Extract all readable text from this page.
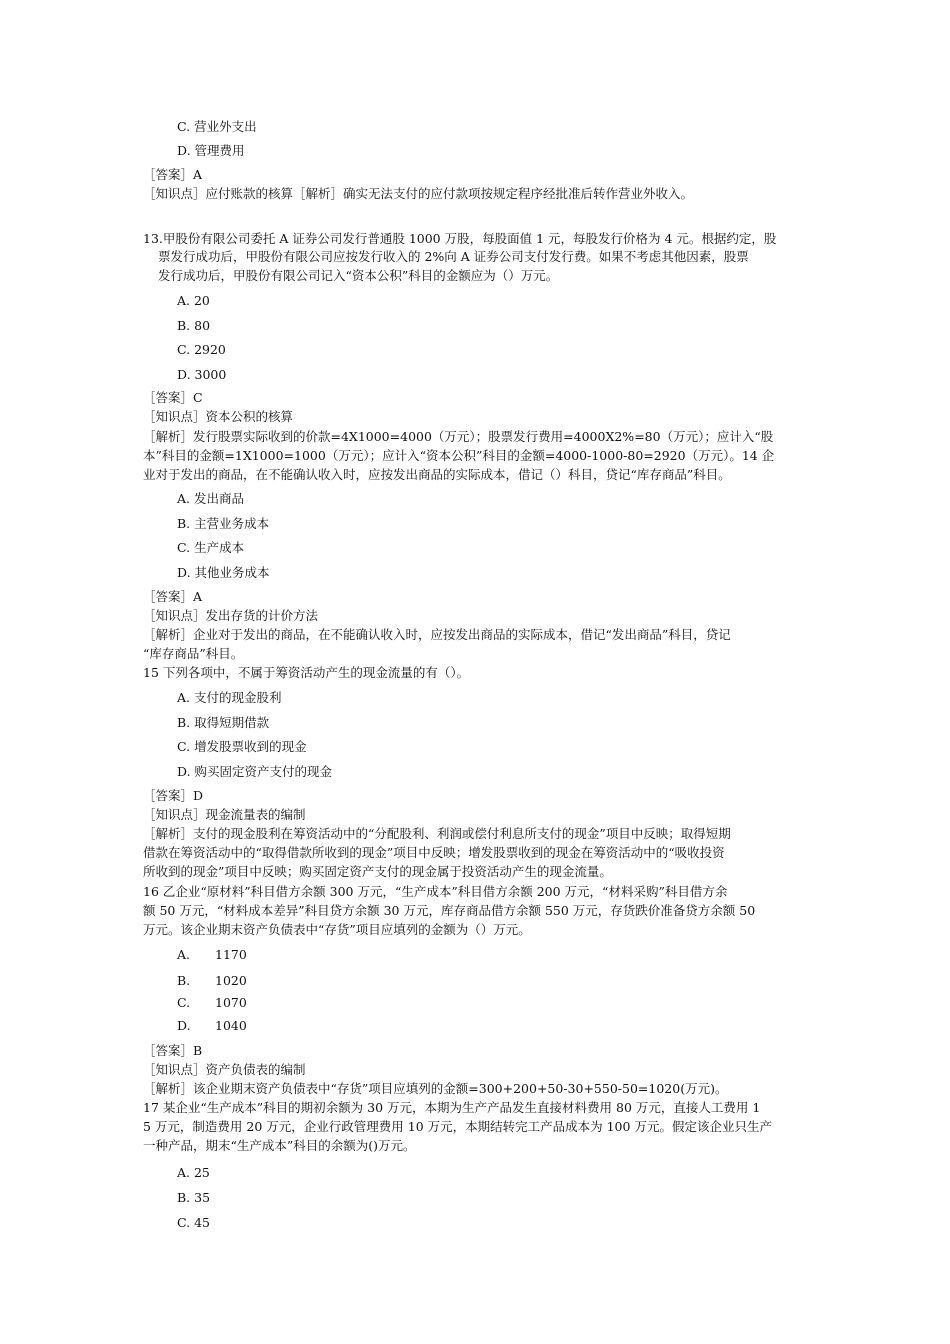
C. 营业外支出
D. 管理费用
［答案］A
［知识点］应付账款的核算［解析］确实无法支付的应付款项按规定程序经批准后转作营业外收入。
13.甲股份有限公司委托 A 证券公司发行普通股 1000 万股，每股面值 1 元，每股发行价格为 4 元。根据约定，股
票发行成功后，甲股份有限公司应按发行收入的 2%向 A 证券公司支付发行费。如果不考虑其他因素，股票
发行成功后，甲股份有限公司记入“资本公积”科目的金额应为（）万元。
A. 20
B. 80
C. 2920
D. 3000
［答案］C
［知识点］资本公积的核算
［解析］发行股票实际收到的价款=4X1000=4000（万元）；股票发行费用=4000X2%=80（万元）；应计入“股
本”科目的金额=1X1000=1000（万元）；应计入“资本公积”科目的金额=4000-1000-80=2920（万元）。14 企
业对于发出的商品，在不能确认收入时，应按发出商品的实际成本，借记（）科目，贷记“库存商品”科目。
A. 发出商品
B. 主营业务成本
C. 生产成本
D. 其他业务成本
［答案］A
［知识点］发出存货的计价方法
［解析］企业对于发出的商品，在不能确认收入时，应按发出商品的实际成本，借记“发出商品”科目，贷记
“库存商品”科目。
15 下列各项中，不属于筹资活动产生的现金流量的有（）。
A. 支付的现金股利
B. 取得短期借款
C. 增发股票收到的现金
D. 购买固定资产支付的现金
［答案］D
［知识点］现金流量表的编制
［解析］支付的现金股利在筹资活动中的“分配股利、利润或偿付利息所支付的现金”项目中反映；取得短期
借款在筹资活动中的“取得借款所收到的现金”项目中反映；增发股票收到的现金在筹资活动中的“吸收投资
所收到的现金”项目中反映；购买固定资产支付的现金属于投资活动产生的现金流量。
16 乙企业“原材料”科目借方余额 300 万元，“生产成本”科目借方余额 200 万元，“材料采购”科目借方余
额 50 万元，“材料成本差异”科目贷方余额 30 万元，库存商品借方余额 550 万元，存货跌价准备贷方余额 50
万元。该企业期末资产负债表中“存货”项目应填列的金额为（）万元。
A. 1170
B. 1020
C. 1070
D. 1040
［答案］B
［知识点］资产负债表的编制
［解析］该企业期末资产负债表中“存货”项目应填列的金额=300+200+50-30+550-50=1020(万元)。
17 某企业“生产成本”科目的期初余额为 30 万元，本期为生产产品发生直接材料费用 80 万元，直接人工费用 1
5 万元，制造费用 20 万元，企业行政管理费用 10 万元，本期结转完工产品成本为 100 万元。假定该企业只生产
一种产品，期末“生产成本”科目的余额为()万元。
A. 25
B. 35
C. 45
